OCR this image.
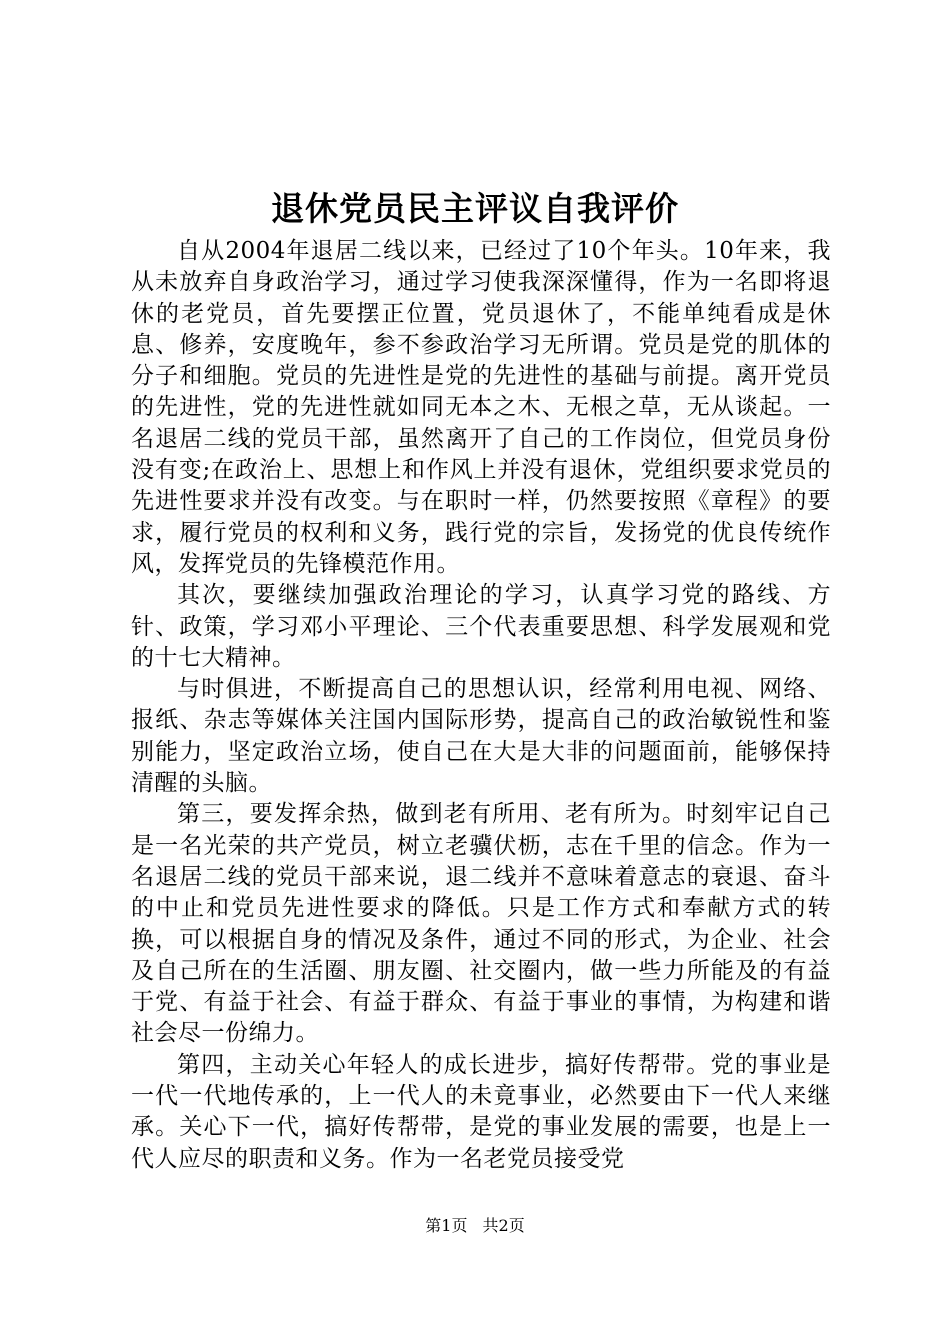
退休党员民主评议自我评价

自从2004年退居二线以来，已经过了10个年头。10年来，我从未放弃自身政治学习，通过学习使我深深懂得，作为一名即将退休的老党员，首先要摆正位置，党员退休了，不能单纯看成是休息、修养，安度晚年，参不参政治学习无所谓。党员是党的肌体的分子和细胞。党员的先进性是党的先进性的基础与前提。离开党员的先进性，党的先进性就如同无本之木、无根之草，无从谈起。一名退居二线的党员干部，虽然离开了自己的工作岗位，但党员身份没有变;在政治上、思想上和作风上并没有退休，党组织要求党员的先进性要求并没有改变。与在职时一样，仍然要按照《章程》的要求，履行党员的权利和义务，践行党的宗旨，发扬党的优良传统作风，发挥党员的先锋模范作用。

其次，要继续加强政治理论的学习，认真学习党的路线、方针、政策，学习邓小平理论、三个代表重要思想、科学发展观和党的十七大精神。

与时俱进，不断提高自己的思想认识，经常利用电视、网络、报纸、杂志等媒体关注国内国际形势，提高自己的政治敏锐性和鉴别能力，坚定政治立场，使自己在大是大非的问题面前，能够保持清醒的头脑。

第三，要发挥余热，做到老有所用、老有所为。时刻牢记自己是一名光荣的共产党员，树立老骥伏枥，志在千里的信念。作为一名退居二线的党员干部来说，退二线并不意味着意志的衰退、奋斗的中止和党员先进性要求的降低。只是工作方式和奉献方式的转换，可以根据自身的情况及条件，通过不同的形式，为企业、社会及自己所在的生活圈、朋友圈、社交圈内，做一些力所能及的有益于党、有益于社会、有益于群众、有益于事业的事情，为构建和谐社会尽一份绵力。

第四，主动关心年轻人的成长进步，搞好传帮带。党的事业是一代一代地传承的，上一代人的未竟事业，必然要由下一代人来继承。关心下一代，搞好传帮带，是党的事业发展的需要，也是上一代人应尽的职责和义务。作为一名老党员接受党

第1页 共2页
